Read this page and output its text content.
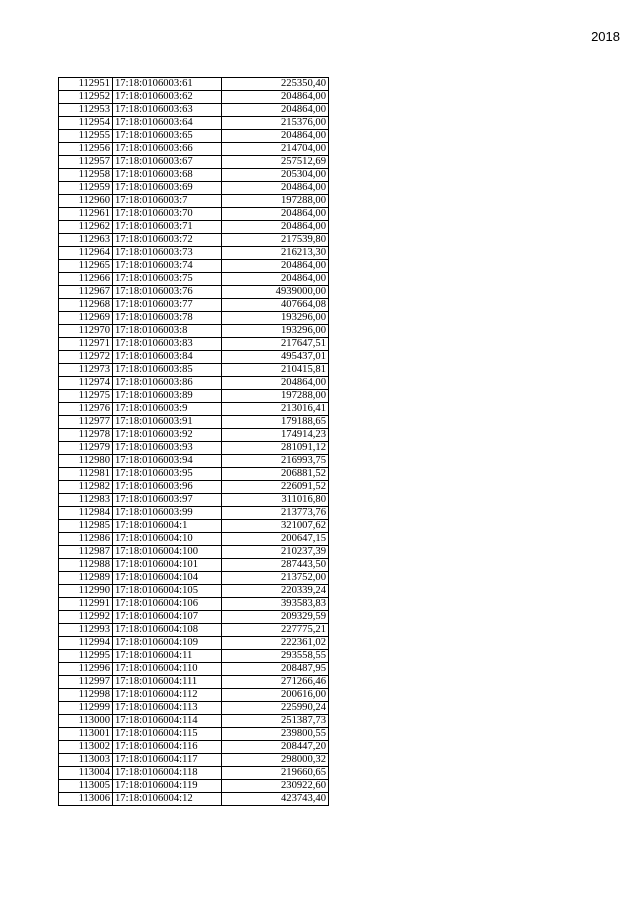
2018
112951	17:18:0106003:61	225350,40
112952	17:18:0106003:62	204864,00
112953	17:18:0106003:63	204864,00
112954	17:18:0106003:64	215376,00
112955	17:18:0106003:65	204864,00
112956	17:18:0106003:66	214704,00
112957	17:18:0106003:67	257512,69
112958	17:18:0106003:68	205304,00
112959	17:18:0106003:69	204864,00
112960	17:18:0106003:7	197288,00
112961	17:18:0106003:70	204864,00
112962	17:18:0106003:71	204864,00
112963	17:18:0106003:72	217539,80
112964	17:18:0106003:73	216213,30
112965	17:18:0106003:74	204864,00
112966	17:18:0106003:75	204864,00
112967	17:18:0106003:76	4939000,00
112968	17:18:0106003:77	407664,08
112969	17:18:0106003:78	193296,00
112970	17:18:0106003:8	193296,00
112971	17:18:0106003:83	217647,51
112972	17:18:0106003:84	495437,01
112973	17:18:0106003:85	210415,81
112974	17:18:0106003:86	204864,00
112975	17:18:0106003:89	197288,00
112976	17:18:0106003:9	213016,41
112977	17:18:0106003:91	179188,65
112978	17:18:0106003:92	174914,23
112979	17:18:0106003:93	281091,12
112980	17:18:0106003:94	216993,75
112981	17:18:0106003:95	206881,52
112982	17:18:0106003:96	226091,52
112983	17:18:0106003:97	311016,80
112984	17:18:0106003:99	213773,76
112985	17:18:0106004:1	321007,62
112986	17:18:0106004:10	200647,15
112987	17:18:0106004:100	210237,39
112988	17:18:0106004:101	287443,50
112989	17:18:0106004:104	213752,00
112990	17:18:0106004:105	220339,24
112991	17:18:0106004:106	393583,83
112992	17:18:0106004:107	209329,59
112993	17:18:0106004:108	227775,21
112994	17:18:0106004:109	222361,02
112995	17:18:0106004:11	293558,55
112996	17:18:0106004:110	208487,95
112997	17:18:0106004:111	271266,46
112998	17:18:0106004:112	200616,00
112999	17:18:0106004:113	225990,24
113000	17:18:0106004:114	251387,73
113001	17:18:0106004:115	239800,55
113002	17:18:0106004:116	208447,20
113003	17:18:0106004:117	298000,32
113004	17:18:0106004:118	219660,65
113005	17:18:0106004:119	230922,60
113006	17:18:0106004:12	423743,40
